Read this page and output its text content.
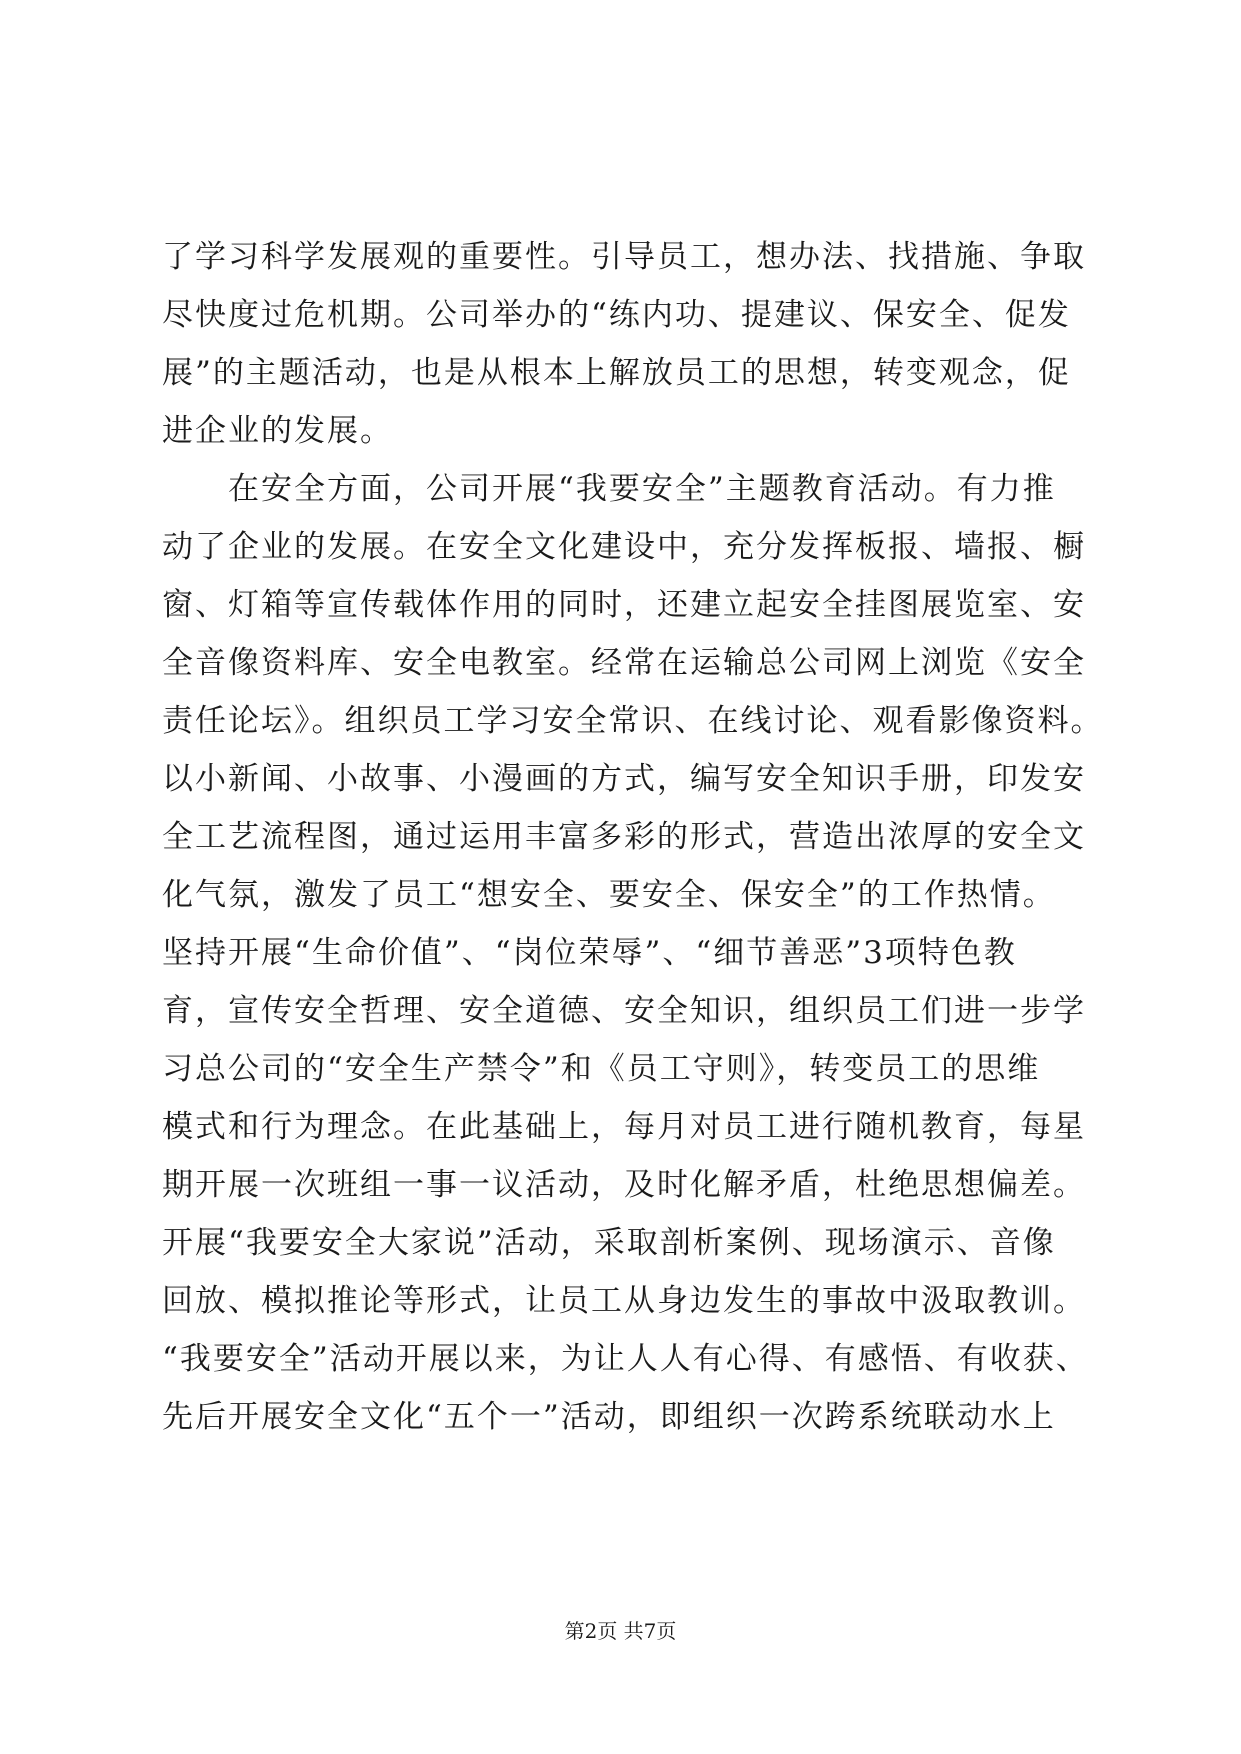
了学习科学发展观的重要性。引导员工，想办法、找措施、争取
尽快度过危机期。公司举办的“练内功、提建议、保安全、促发
展”的主题活动，也是从根本上解放员工的思想，转变观念，促
进企业的发展。
在安全方面，公司开展“我要安全”主题教育活动。有力推
动了企业的发展。在安全文化建设中，充分发挥板报、墙报、橱
窗、灯箱等宣传载体作用的同时，还建立起安全挂图展览室、安
全音像资料库、安全电教室。经常在运输总公司网上浏览《安全
责任论坛》。组织员工学习安全常识、在线讨论、观看影像资料。
以小新闻、小故事、小漫画的方式，编写安全知识手册，印发安
全工艺流程图，通过运用丰富多彩的形式，营造出浓厚的安全文
化气氛，激发了员工“想安全、要安全、保安全”的工作热情。
坚持开展“生命价值”、“岗位荣辱”、“细节善恶”3项特色教
育，宣传安全哲理、安全道德、安全知识，组织员工们进一步学
习总公司的“安全生产禁令”和《员工守则》，转变员工的思维
模式和行为理念。在此基础上，每月对员工进行随机教育，每星
期开展一次班组一事一议活动，及时化解矛盾，杜绝思想偏差。
开展“我要安全大家说”活动，采取剖析案例、现场演示、音像
回放、模拟推论等形式，让员工从身边发生的事故中汲取教训。
“我要安全”活动开展以来，为让人人有心得、有感悟、有收获、
先后开展安全文化“五个一”活动，即组织一次跨系统联动水上
第2页 共7页
